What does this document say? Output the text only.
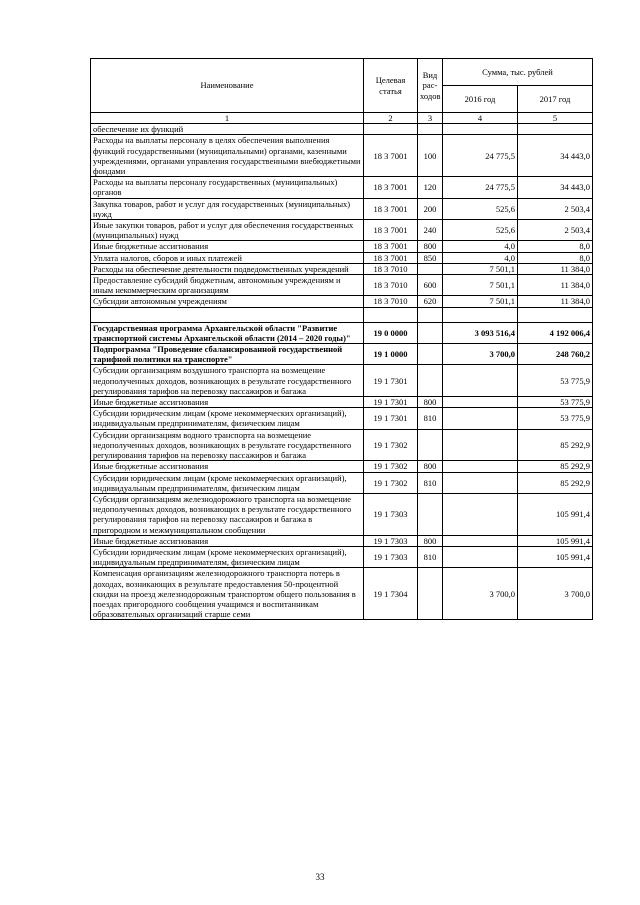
Наименование	Целевая статья	Вид рас-ходов	Сумма, тыс. рублей	
			2016 год	2017 год
1	2	3	4	5
обеспечение их функций				
Расходы на выплаты персоналу в целях обеспечения выполнения функций государственными (муниципальными) органами, казенными учреждениями, органами управления государственными внебюджетными фондами	18 3 7001	100	24 775,5	34 443,0
Расходы на выплаты персоналу государственных (муниципальных) органов	18 3 7001	120	24 775,5	34 443,0
Закупка товаров, работ и услуг для государственных (муниципальных) нужд	18 3 7001	200	525,6	2 503,4
Иные закупки товаров, работ и услуг для обеспечения государственных (муниципальных) нужд	18 3 7001	240	525,6	2 503,4
Иные бюджетные ассигнования	18 3 7001	800	4,0	8,0
Уплата налогов, сборов и иных платежей	18 3 7001	850	4,0	8,0
Расходы на обеспечение деятельности подведомственных учреждений	18 3 7010		7 501,1	11 384,0
Предоставление субсидий бюджетным, автономным учреждениям и иным некоммерческим организациям	18 3 7010	600	7 501,1	11 384,0
Субсидии автономным учреждениям	18 3 7010	620	7 501,1	11 384,0

Государственная программа Архангельской области "Развитие транспортной системы Архангельской области (2014 – 2020 годы)"	19 0 0000		3 093 516,4	4 192 006,4
Подпрограмма "Проведение сбалансированной государственной тарифной политики на транспорте"	19 1 0000		3 700,0	248 760,2
Субсидии организациям воздушного транспорта на возмещение недополученных доходов, возникающих в результате государственного регулирования тарифов на перевозку пассажиров и багажа	19 1 7301			53 775,9
Иные бюджетные ассигнования	19 1 7301	800		53 775,9
Субсидии юридическим лицам (кроме некоммерческих организаций), индивидуальным предпринимателям, физическим лицам	19 1 7301	810		53 775,9
Субсидии организациям водного транспорта на возмещение недополученных доходов, возникающих в результате государственного регулирования тарифов на перевозку пассажиров и багажа	19 1 7302			85 292,9
Иные бюджетные ассигнования	19 1 7302	800		85 292,9
Субсидии юридическим лицам (кроме некоммерческих организаций), индивидуальным предпринимателям, физическим лицам	19 1 7302	810		85 292,9
Субсидии организациям железнодорожного транспорта на возмещение недополученных доходов, возникающих в результате государственного регулирования тарифов на перевозку пассажиров и багажа в пригородном и межмуниципальном сообщении	19 1 7303			105 991,4
Иные бюджетные ассигнования	19 1 7303	800		105 991,4
Субсидии юридическим лицам (кроме некоммерческих организаций), индивидуальным предпринимателям, физическим лицам	19 1 7303	810		105 991,4
Компенсация организациям железнодорожного транспорта потерь в доходах, возникающих в результате предоставления 50-процентной скидки на проезд железнодорожным транспортом общего пользования в поездах пригородного сообщения учащимся и воспитанникам образовательных организаций старше семи	19 1 7304		3 700,0	3 700,0
33
